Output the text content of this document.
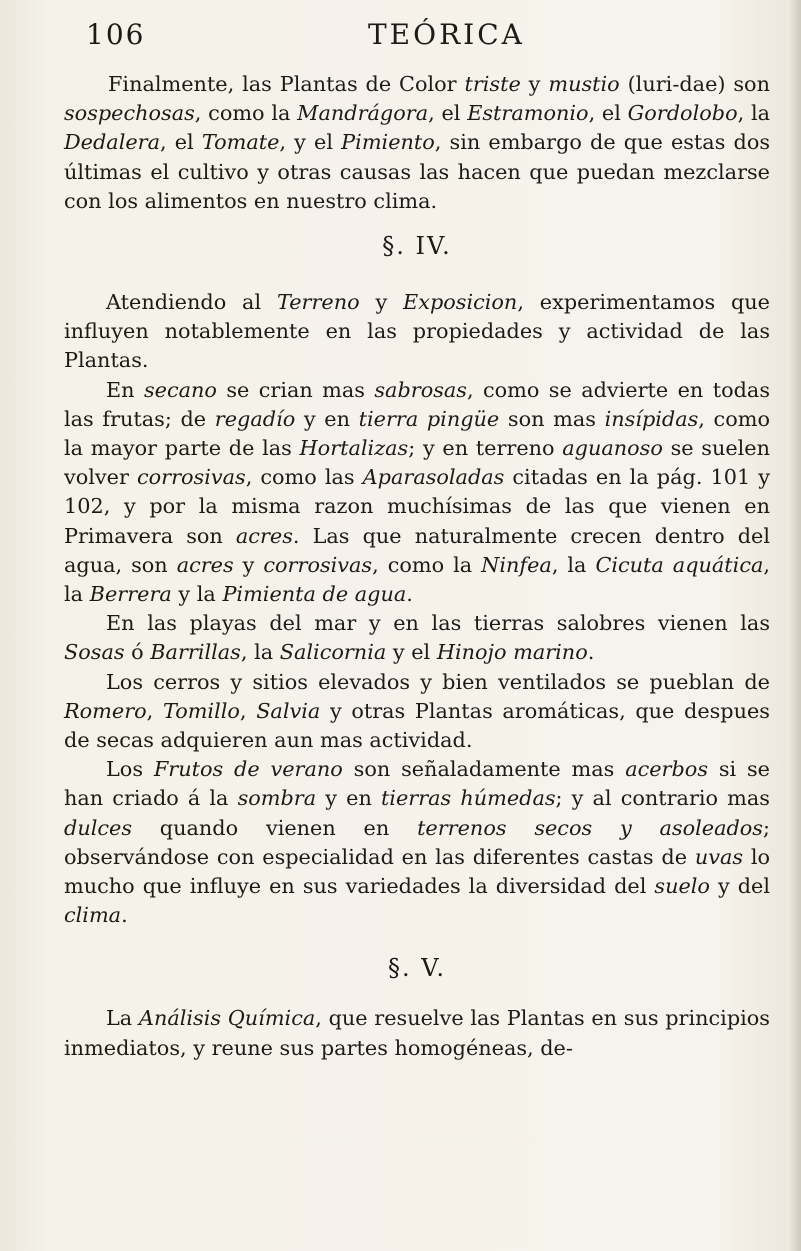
106	TEÓRICA

Finalmente, las Plantas de Color triste y mustio (luri-dae) son sospechosas, como la Mandrágora, el Estramonio, el Gordolobo, la Dedalera, el Tomate, y el Pimiento, sin embargo de que estas dos últimas el cultivo y otras causas las hacen que puedan mezclarse con los alimentos en nuestro clima.

§. IV.

Atendiendo al Terreno y Exposicion, experimentamos que influyen notablemente en las propiedades y actividad de las Plantas.

En secano se crian mas sabrosas, como se advierte en todas las frutas; de regadío y en tierra pingüe son mas insípidas, como la mayor parte de las Hortalizas; y en terreno aguanoso se suelen volver corrosivas, como las Aparasoladas citadas en la pág. 101 y 102, y por la misma razon muchísimas de las que vienen en Primavera son acres. Las que naturalmente crecen dentro del agua, son acres y corrosivas, como la Ninfea, la Cicuta aquática, la Berrera y la Pimienta de agua.

En las playas del mar y en las tierras salobres vienen las Sosas ó Barrillas, la Salicornia y el Hinojo marino.

Los cerros y sitios elevados y bien ventilados se pueblan de Romero, Tomillo, Salvia y otras Plantas aromáticas, que despues de secas adquieren aun mas actividad.

Los Frutos de verano son señaladamente mas acerbos si se han criado á la sombra y en tierras húmedas; y al contrario mas dulces quando vienen en terrenos secos y asoleados; observándose con especialidad en las diferentes castas de uvas lo mucho que influye en sus variedades la diversidad del suelo y del clima.

§. V.

La Análisis Química, que resuelve las Plantas en sus principios inmediatos, y reune sus partes homogéneas, de-
